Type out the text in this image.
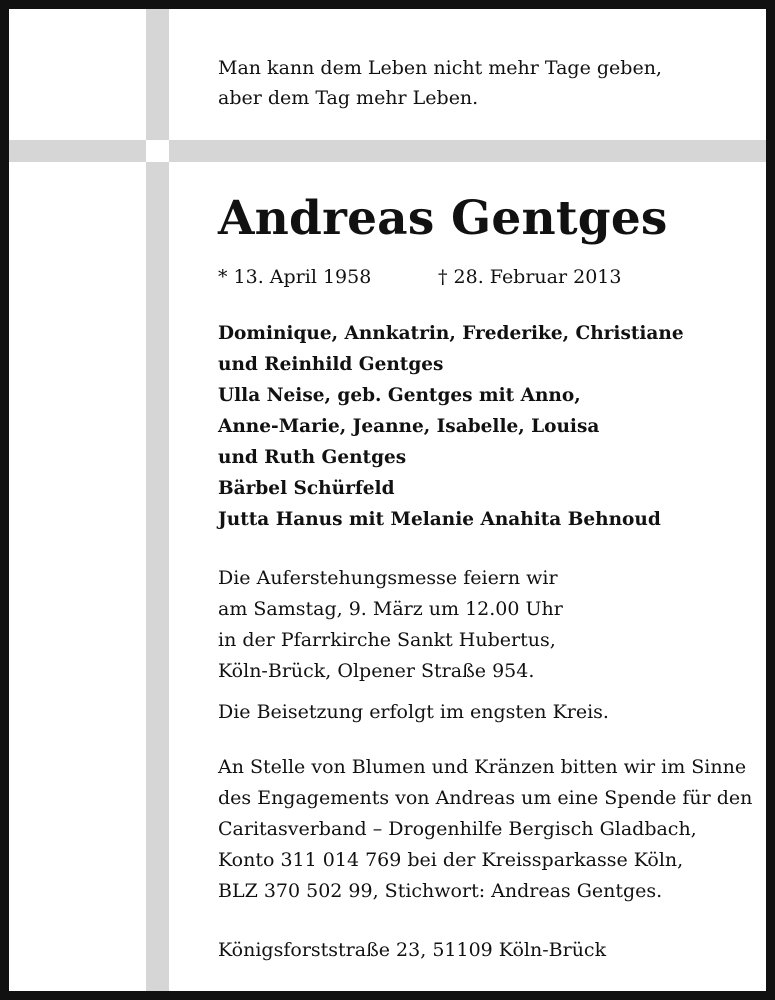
Man kann dem Leben nicht mehr Tage geben,
aber dem Tag mehr Leben.
Andreas Gentges
* 13. April 1958	† 28. Februar 2013
Dominique, Annkatrin, Frederike, Christiane
und Reinhild Gentges
Ulla Neise, geb. Gentges mit Anno,
Anne-Marie, Jeanne, Isabelle, Louisa
und Ruth Gentges
Bärbel Schürfeld
Jutta Hanus mit Melanie Anahita Behnoud
Die Auferstehungsmesse feiern wir
am Samstag, 9. März um 12.00 Uhr
in der Pfarrkirche Sankt Hubertus,
Köln-Brück, Olpener Straße 954.
Die Beisetzung erfolgt im engsten Kreis.
An Stelle von Blumen und Kränzen bitten wir im Sinne
des Engagements von Andreas um eine Spende für den
Caritasverband – Drogenhilfe Bergisch Gladbach,
Konto 311 014 769 bei der Kreissparkasse Köln,
BLZ 370 502 99, Stichwort: Andreas Gentges.
Königsforststraße 23, 51109 Köln-Brück
